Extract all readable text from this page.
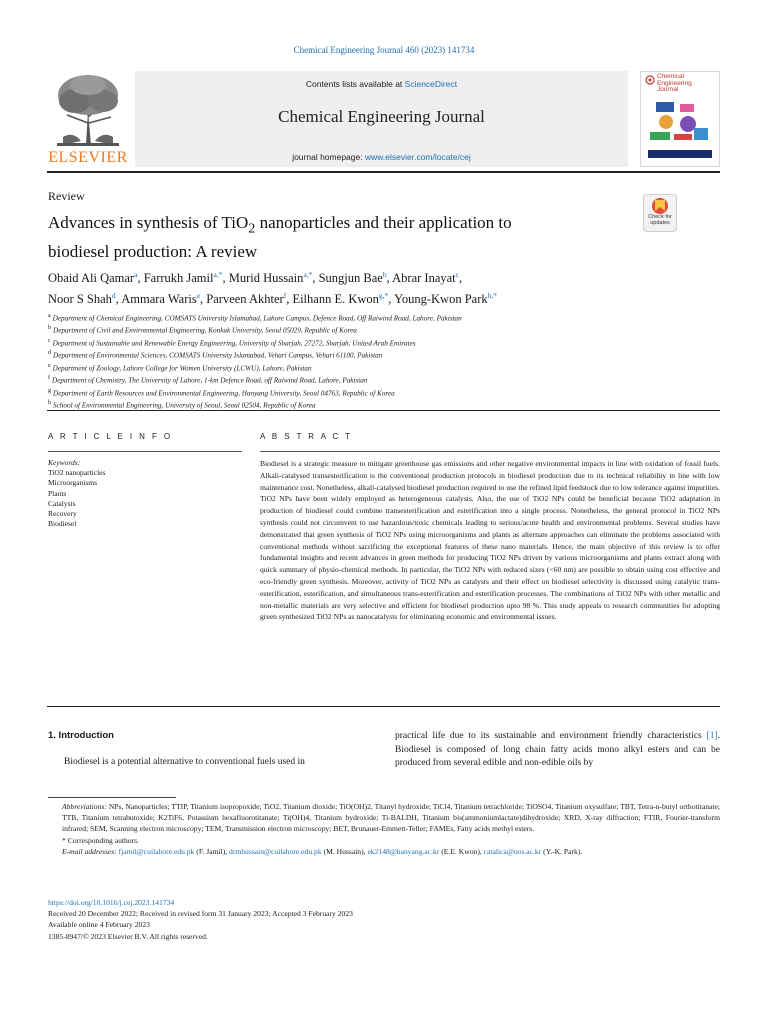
Chemical Engineering Journal 460 (2023) 141734
ELSEVIER
Contents lists available at ScienceDirect
Chemical Engineering Journal
journal homepage: www.elsevier.com/locate/cej
Chemical
Engineering
Journal
Review
Advances in synthesis of TiO$_2$ nanoparticles and their application to
biodiesel production: A review
Check for
updates
Obaid Ali Qamar$^a$, Farrukh Jamil$^{a,*}$, Murid Hussain$^{a,*}$, Sungjun Bae$^b$, Abrar Inayat$^c$,
Noor S Shah$^d$, Ammara Waris$^e$, Parveen Akhter$^f$, Eilhann E. Kwon$^{g,*}$, Young-Kwon Park$^{h,*}$
$^a$ Department of Chemical Engineering, COMSATS University Islamabad, Lahore Campus, Defence Road, Off Raiwind Road, Lahore, Pakistan
$^b$ Department of Civil and Environmental Engineering, Konkuk University, Seoul 05029, Republic of Korea
$^c$ Department of Sustainable and Renewable Energy Engineering, University of Sharjah, 27272, Sharjah, United Arab Emirates
$^d$ Department of Environmental Sciences, COMSATS University Islamabad, Vehari Campus, Vehari 61100, Pakistan
$^e$ Department of Zoology, Lahore College for Women University (LCWU), Lahore, Pakistan
$^f$ Department of Chemistry, The University of Lahore, 1-km Defence Road, off Raiwind Road, Lahore, Pakistan
$^g$ Department of Earth Resources and Environmental Engineering, Hanyang University, Seoul 04763, Republic of Korea
$^h$ School of Environmental Engineering, University of Seoul, Seoul 02504, Republic of Korea
A R T I C L E I N F O	A B S T R A C T
Keywords:
TiO2 nanoparticles
Microorganisms
Plants
Catalysts
Recovery
Biodiesel
Biodiesel is a strategic measure to mitigate greenhouse gas emissions and other negative environmental impacts in line with oxidation of fossil fuels. Alkali-catalysed transesterification is the conventional production protocols in biodiesel production due to its technical reliability in line with low maintenance cost. Nonetheless, alkali-catalysed biodiesel production required to use the refined lipid feedstock due to low tolerance against impurities. TiO2 NPs have been widely employed as heterogeneous catalysts. Also, the use of TiO2 NPs could be beneficial because TiO2 adaptation in production of biodiesel could combine transesterification and esterification into a single process. Nonetheless, the general protocol in TiO2 NPs synthesis could not circumvent to use hazardous/toxic chemicals leading to serious/acute health and environmental problems. Several studies have demonstrated that green synthesis of TiO2 NPs using microorganisms and plants as alternate approaches can eliminate the problems associated with conventional methods without sacrificing the exceptional features of these nano materials. Hence, the main objective of this review is to offer fundamental insights and recent advances in green methods for producing TiO2 NPs driven by various microorganisms and plants extract along with quick summary of physio-chemical methods. In particular, the TiO2 NPs with reduced sizes (<60 nm) are possible to obtain using cost effective and eco-friendly green synthesis. Moreover, activity of TiO2 NPs as catalysts and their effect on biodiesel selectivity is discussed using catalytic trans-esterification, esterification, and simultaneous trans-esterification and esterification processes. The combinations of TiO2 NPs with other metallic and non-metallic materials are very selective and efficient for biodiesel production upto 98 %. This study appeals to research communities for adopting green synthesized TiO2 NPs as nanocatalysts for eliminating economic and environmental issues.
1. Introduction
Biodiesel is a potential alternative to conventional fuels used in
practical life due to its sustainable and environment friendly characteristics [1]. Biodiesel is composed of long chain fatty acids mono alkyl esters and can be produced from several edible and non-edible oils by

Abbreviations: NPs, Nanoparticles; TTIP, Titanium isopropoxide; TiO2, Titanium dioxide; TiO(OH)2, Titanyl hydroxide; TiCl4, Titanium tetrachloride; TiOSO4, Titanium oxysulfate; TBT, Tetra-n-butyl orthotitanate; TTB, Titanium tetrabutoxide; K2TiF6, Potassium hexafluorotitanate; Ti(OH)4, Titanium hydroxide; Ti-BALDH, Titanium bis(ammoniumlactate)dihydroxide; XRD, X-ray diffraction; FTIR, Fourier-transform infrared; SEM, Scanning electron microscopy; TEM, Transmission electron microscopy; BET, Brunauer-Emmett-Teller; FAMEs, Fatty acids methyl esters.

* Corresponding authors.

E-mail addresses: fjamil@cuilahore.edu.pk (F. Jamil), drmhussain@cuilahore.edu.pk (M. Hussain), ek2148@hanyang.ac.kr (E.E. Kwon), catalica@uos.ac.kr (Y.-K. Park).

https://doi.org/10.1016/j.cej.2023.141734

Received 20 December 2022; Received in revised form 31 January 2023; Accepted 3 February 2023

Available online 4 February 2023

1385-8947/© 2023 Elsevier B.V. All rights reserved.
